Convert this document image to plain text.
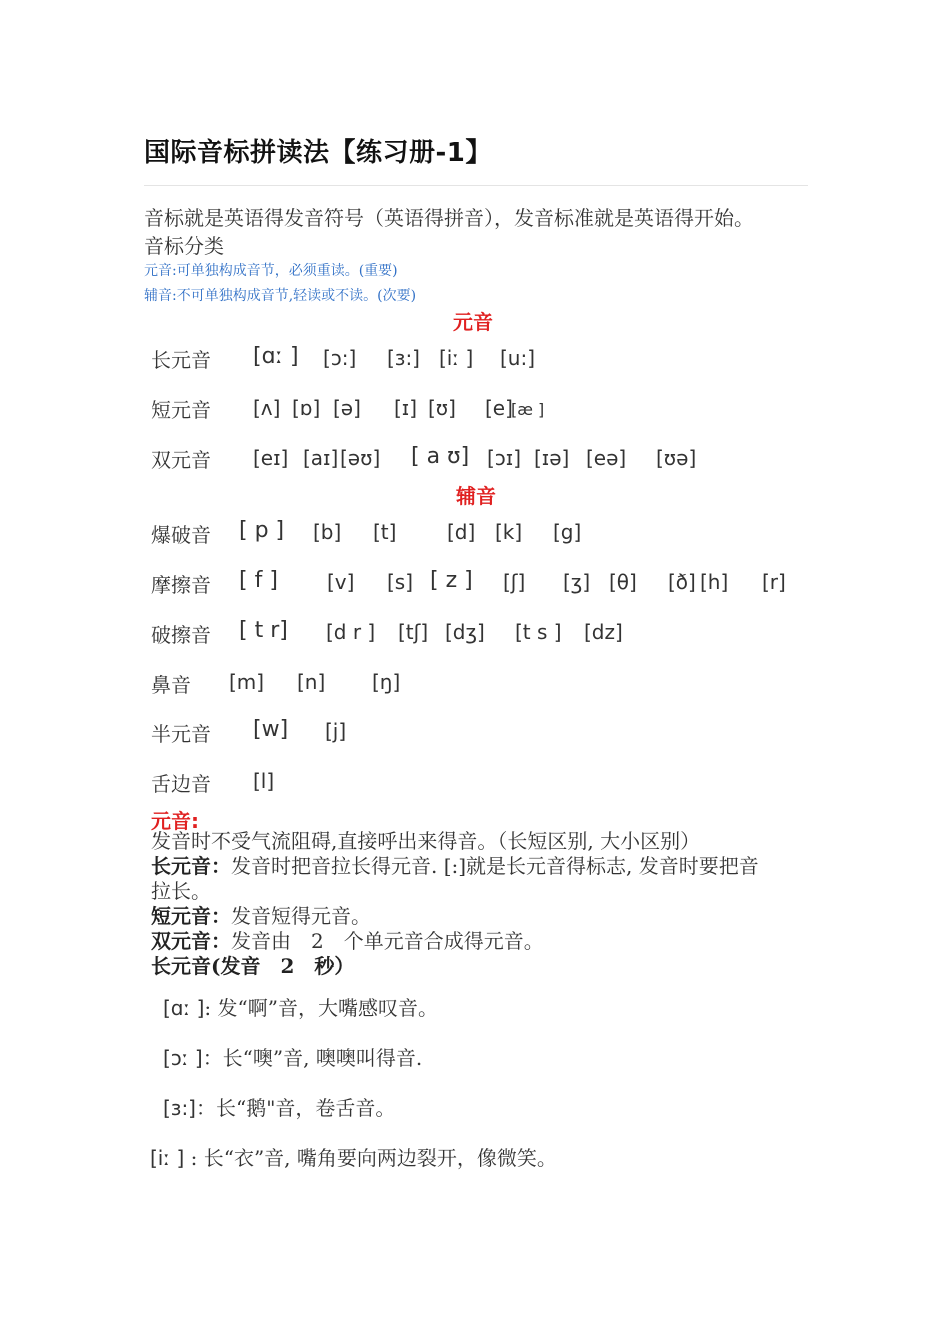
国际音标拼读法【练习册-1】
音标就是英语得发音符号（英语得拼音），发音标准就是英语得开始。
音标分类
元音:可单独构成音节，必须重读。(重要)
辅音:不可单独构成音节,轻读或不读。(次要)
元音
长元音 [ɑː ] [ɔ:] [ɜ:] [iː ] [u:]
短元音 [ʌ] [ɒ] [ə] [ɪ] [ʊ] [e]
[æ ]
双元音 [eɪ] [aɪ] [əʊ] [ a ʊ] [ɔɪ] [ɪə] [eə] [ʊə]
辅音
爆破音 [ p ] [b] [t]	[d] [k] [g]
摩擦音 [ f ] [v] [s] [ z ] [ʃ] [ʒ] [θ] [ð] [h] [r]
破擦音 [ t r] [d r ] [tʃ] [dʒ] [t s ] [dz]
鼻音 [m] [n] [ŋ]
半元音 [w] [j]
舌边音 [l]
元音:
发音时不受气流阻碍,直接呼出来得音。（长短区别, 大小区别）
长元音：发音时把音拉长得元音. [:]就是长元音得标志, 发音时要把音
拉长。
短元音：发音短得元音。
双元音：发音由　2　个单元音合成得元音。
长元音(发音　2　秒）
[ɑː ]: 发“啊”音，大嘴感叹音。
[ɔː ]：长“噢”音, 噢噢叫得音.
[ɜ:]：长“鹅"音，卷舌音。
[iː ] : 长“衣”音, 嘴角要向两边裂开，像微笑。
